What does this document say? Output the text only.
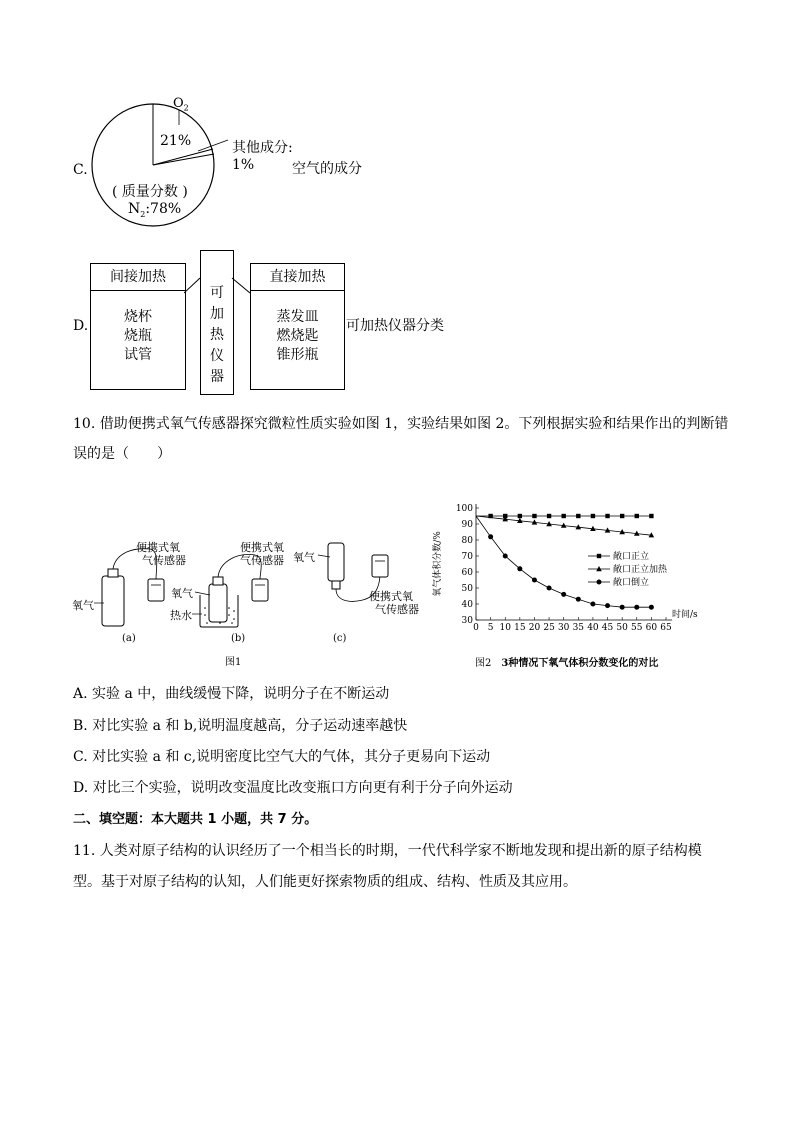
C.
$O_2$
21%	其他成分:
1%
( 质量分数 )
$N_2:78\%$
空气的成分
D.
间接加热
烧杯
烧瓶
试管
可
加
热
仪
器
直接加热
蒸发皿
燃烧匙
锥形瓶
可加热仪器分类
10. 借助便携式氧气传感器探究微粒性质实验如图 1，实验结果如图 2。下列根据实验和结果作出的判断错
误的是（　　）
便携式氧
气传感器
氧气
(a)
便携式氧
气传感器
氧气
热水
(b)
氧气
便携式氧
气传感器
(c)
图1
30
40
50
60
70
80
90
100
0 5 10 15 20 25 30 35 40 45 50 55 60 65
时间/s
氧气体积分数/%	敞口正立
敞口正立加热
敞口倒立
图2 3种情况下氧气体积分数变化的对比
A. 实验 a 中，曲线缓慢下降，说明分子在不断运动
B. 对比实验 a 和 b,说明温度越高，分子运动速率越快
C. 对比实验 a 和 c,说明密度比空气大的气体，其分子更易向下运动
D. 对比三个实验，说明改变温度比改变瓶口方向更有利于分子向外运动
二、填空题：本大题共 1 小题，共 7 分。
11. 人类对原子结构的认识经历了一个相当长的时期，一代代科学家不断地发现和提出新的原子结构模
型。基于对原子结构的认知，人们能更好探索物质的组成、结构、性质及其应用。
